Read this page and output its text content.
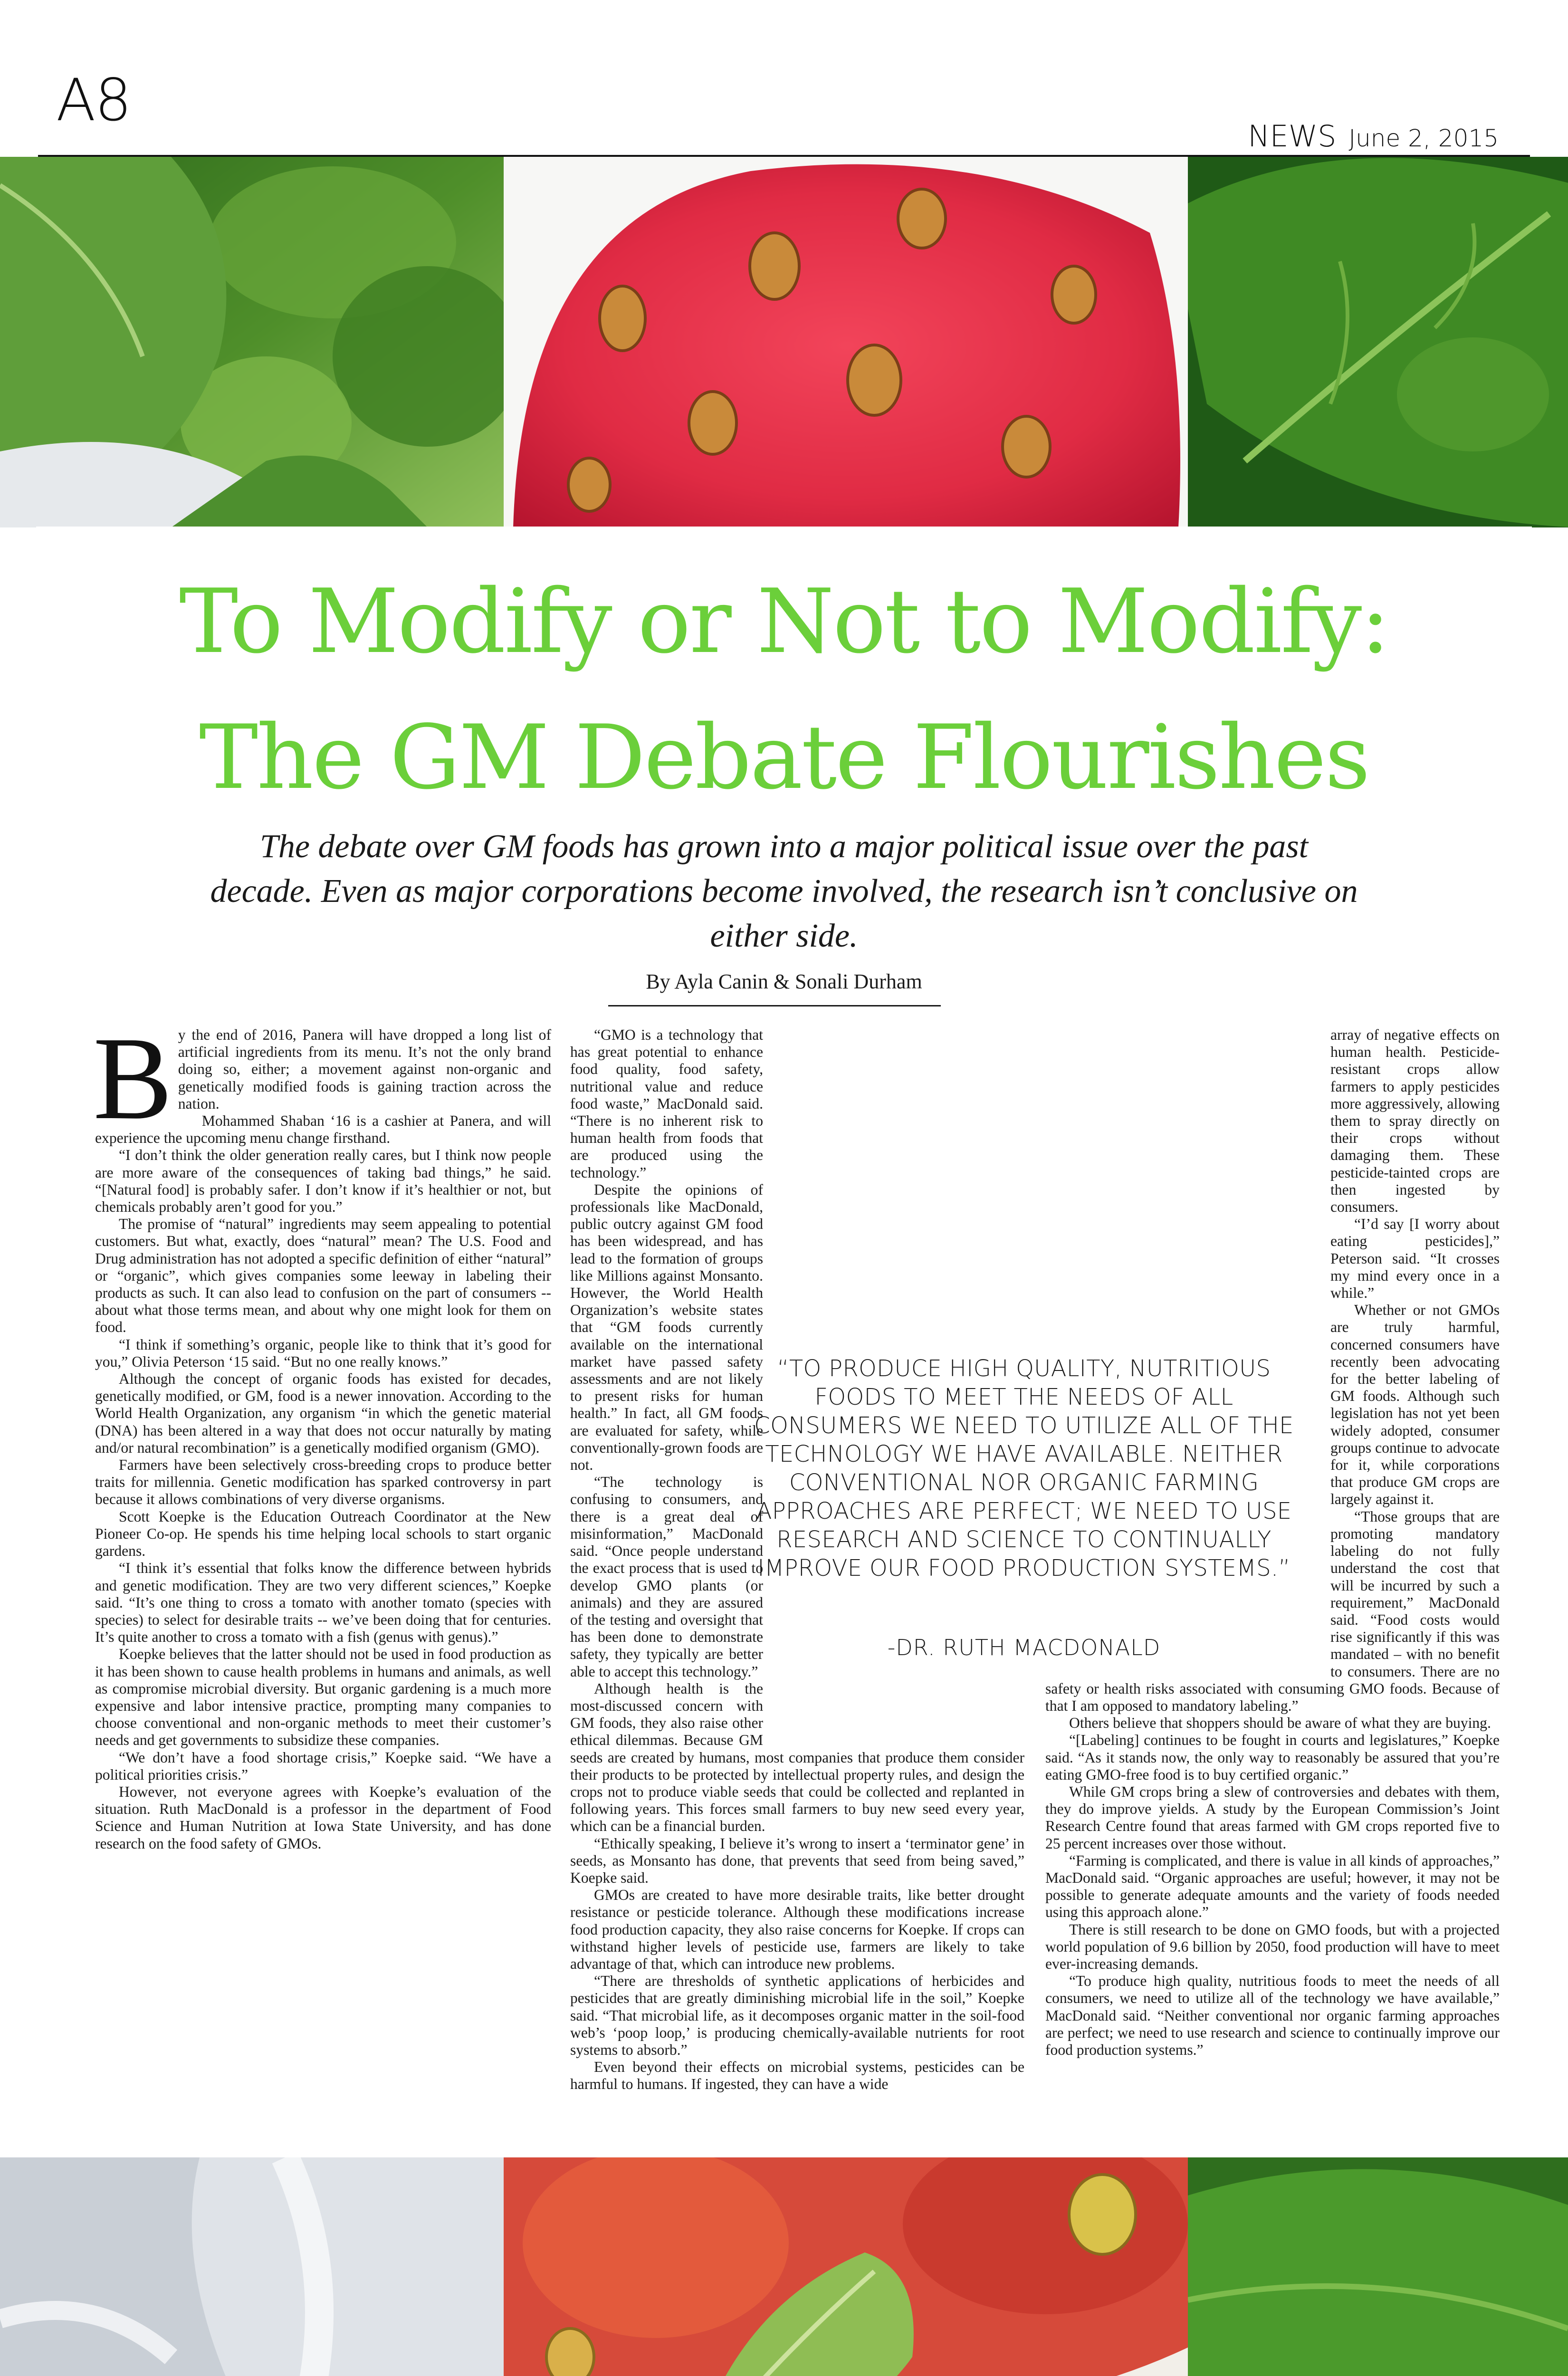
A8
NEWS June 2, 2015
To Modify or Not to Modify:
The GM Debate Flourishes
The debate over GM foods has grown into a major political issue over the past decade. Even as major corporations become involved, the research isn’t conclusive on either side.
By Ayla Canin & Sonali Durham

By the end of 2016, Panera will have dropped a long list of artificial ingredients from its menu. It’s not the only brand doing so, either; a movement against non-organic and genetically modified foods is gaining traction across the nation.

Mohammed Shaban ‘16 is a cashier at Panera, and will experience the upcoming menu change firsthand.

“I don’t think the older generation really cares, but I think now people are more aware of the consequences of taking bad things,” he said. “[Natural food] is probably safer. I don’t know if it’s healthier or not, but chemicals probably aren’t good for you.”

The promise of “natural” ingredients may seem appealing to potential customers. But what, exactly, does “natural” mean? The U.S. Food and Drug administration has not adopted a specific definition of either “natural” or “organic”, which gives companies some leeway in labeling their products as such. It can also lead to confusion on the part of consumers -- about what those terms mean, and about why one might look for them on food.

“I think if something’s organic, people like to think that it’s good for you,” Olivia Peterson ‘15 said. “But no one really knows.”

Although the concept of organic foods has existed for decades, genetically modified, or GM, food is a newer innovation. According to the World Health Organization, any organism “in which the genetic material (DNA) has been altered in a way that does not occur naturally by mating and/or natural recombination” is a genetically modified organism (GMO).

Farmers have been selectively cross-breeding crops to produce better traits for millennia. Genetic modification has sparked controversy in part because it allows combinations of very diverse organisms.

Scott Koepke is the Education Outreach Coordinator at the New Pioneer Co-op. He spends his time helping local schools to start organic gardens.

“I think it’s essential that folks know the difference between hybrids and genetic modification. They are two very different sciences,” Koepke said. “It’s one thing to cross a tomato with another tomato (species with species) to select for desirable traits -- we’ve been doing that for centuries. It’s quite another to cross a tomato with a fish (genus with genus).”

Koepke believes that the latter should not be used in food production as it has been shown to cause health problems in humans and animals, as well as compromise microbial diversity. But organic gardening is a much more expensive and labor intensive practice, prompting many companies to choose conventional and non-organic methods to meet their customer’s needs and get governments to subsidize these companies.

“We don’t have a food shortage crisis,” Koepke said. “We have a political priorities crisis.”

However, not everyone agrees with Koepke’s evaluation of the situation. Ruth MacDonald is a professor in the department of Food Science and Human Nutrition at Iowa State University, and has done research on the food safety of GMOs.

“GMO is a technology that has great potential to enhance food quality, food safety, nutritional value and reduce food waste,” MacDonald said. “There is no inherent risk to human health from foods that are produced using the technology.”

Despite the opinions of professionals like MacDonald, public outcry against GM food has been widespread, and has lead to the formation of groups like Millions against Monsanto. However, the World Health Organization’s website states that “GM foods currently available on the international market have passed safety assessments and are not likely to present risks for human health.” In fact, all GM foods are evaluated for safety, while conventionally-grown foods are not.

“The technology is confusing to consumers, and there is a great deal of misinformation,” MacDonald said. “Once people understand the exact process that is used to develop GMO plants (or animals) and they are assured of the testing and oversight that has been done to demonstrate safety, they typically are better able to accept this technology.”

Although health is the most-discussed concern with GM foods, they also raise other ethical dilemmas. Because GM seeds are created by humans, most companies that produce them consider their products to be protected by intellectual property rules, and design the crops not to produce viable seeds that could be collected and replanted in following years. This forces small farmers to buy new seed every year, which can be a financial burden.

“Ethically speaking, I believe it’s wrong to insert a ‘terminator gene’ in seeds, as Monsanto has done, that prevents that seed from being saved,” Koepke said.

GMOs are created to have more desirable traits, like better drought resistance or pesticide tolerance. Although these modifications increase food production capacity, they also raise concerns for Koepke. If crops can withstand higher levels of pesticide use, farmers are likely to take advantage of that, which can introduce new problems.

“There are thresholds of synthetic applications of herbicides and pesticides that are greatly diminishing microbial life in the soil,” Koepke said. “That microbial life, as it decomposes organic matter in the soil-food web’s ‘poop loop,’ is producing chemically-available nutrients for root systems to absorb.”

Even beyond their effects on microbial systems, pesticides can be harmful to humans. If ingested, they can have a wide

array of negative effects on human health. Pesticide-resistant crops allow farmers to apply pesticides more aggressively, allowing them to spray directly on their crops without damaging them. These pesticide-tainted crops are then ingested by consumers.

“I’d say [I worry about eating pesticides],” Peterson said. “It crosses my mind every once in a while.”

Whether or not GMOs are truly harmful, concerned consumers have recently been advocating for the better labeling of GM foods. Although such legislation has not yet been widely adopted, consumer groups continue to advocate for it, while corporations that produce GM crops are largely against it.

“Those groups that are promoting mandatory labeling do not fully understand the cost that will be incurred by such a requirement,” MacDonald said. “Food costs would rise significantly if this was mandated – with no benefit to consumers. There are no safety or health risks associated with consuming GMO foods. Because of that I am opposed to mandatory labeling.”

Others believe that shoppers should be aware of what they are buying.

“[Labeling] continues to be fought in courts and legislatures,” Koepke said. “As it stands now, the only way to reasonably be assured that you’re eating GMO-free food is to buy certified organic.”

While GM crops bring a slew of controversies and debates with them, they do improve yields. A study by the European Commission’s Joint Research Centre found that areas farmed with GM crops reported five to 25 percent increases over those without.

“Farming is complicated, and there is value in all kinds of approaches,” MacDonald said. “Organic approaches are useful; however, it may not be possible to generate adequate amounts and the variety of foods needed using this approach alone.”

There is still research to be done on GMO foods, but with a projected world population of 9.6 billion by 2050, food production will have to meet ever-increasing demands.

“To produce high quality, nutritious foods to meet the needs of all consumers, we need to utilize all of the technology we have available,” MacDonald said. “Neither conventional nor organic farming approaches are perfect; we need to use research and science to continually improve our food production systems.”

“TO PRODUCE HIGH QUALITY, NUTRITIOUS FOODS TO MEET THE NEEDS OF ALL CONSUMERS WE NEED TO UTILIZE ALL OF THE TECHNOLOGY WE HAVE AVAILABLE. NEITHER CONVENTIONAL NOR ORGANIC FARMING APPROACHES ARE PERFECT; WE NEED TO USE RESEARCH AND SCIENCE TO CONTINUALLY IMPROVE OUR FOOD PRODUCTION SYSTEMS.”
-DR. RUTH MACDONALD
